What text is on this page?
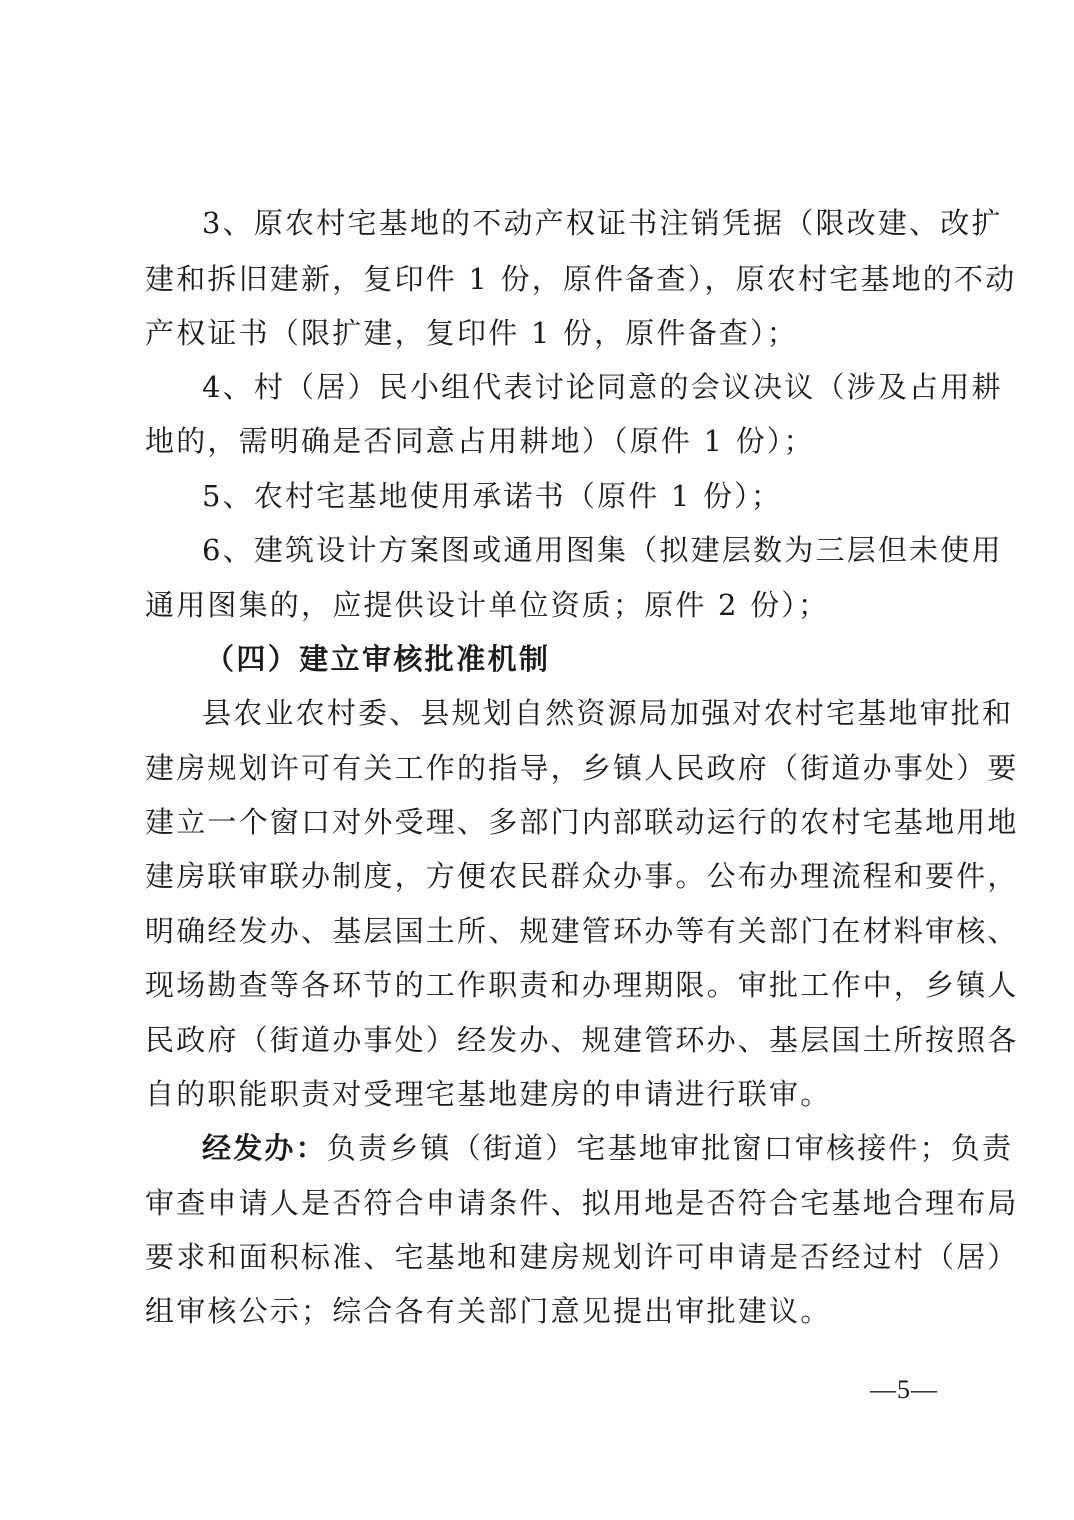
3、原农村宅基地的不动产权证书注销凭据（限改建、改扩
建和拆旧建新，复印件 1 份，原件备查），原农村宅基地的不动
产权证书（限扩建，复印件 1 份，原件备查）；
4、村（居）民小组代表讨论同意的会议决议（涉及占用耕
地的，需明确是否同意占用耕地）（原件 1 份）；
5、农村宅基地使用承诺书（原件 1 份）；
6、建筑设计方案图或通用图集（拟建层数为三层但未使用
通用图集的，应提供设计单位资质；原件 2 份）；
（四）建立审核批准机制
县农业农村委、县规划自然资源局加强对农村宅基地审批和
建房规划许可有关工作的指导，乡镇人民政府（街道办事处）要
建立一个窗口对外受理、多部门内部联动运行的农村宅基地用地
建房联审联办制度，方便农民群众办事。公布办理流程和要件，
明确经发办、基层国土所、规建管环办等有关部门在材料审核、
现场勘查等各环节的工作职责和办理期限。审批工作中，乡镇人
民政府（街道办事处）经发办、规建管环办、基层国土所按照各
自的职能职责对受理宅基地建房的申请进行联审。
经发办：负责乡镇（街道）宅基地审批窗口审核接件；负责
审查申请人是否符合申请条件、拟用地是否符合宅基地合理布局
要求和面积标准、宅基地和建房规划许可申请是否经过村（居）
组审核公示；综合各有关部门意见提出审批建议。
—5—
